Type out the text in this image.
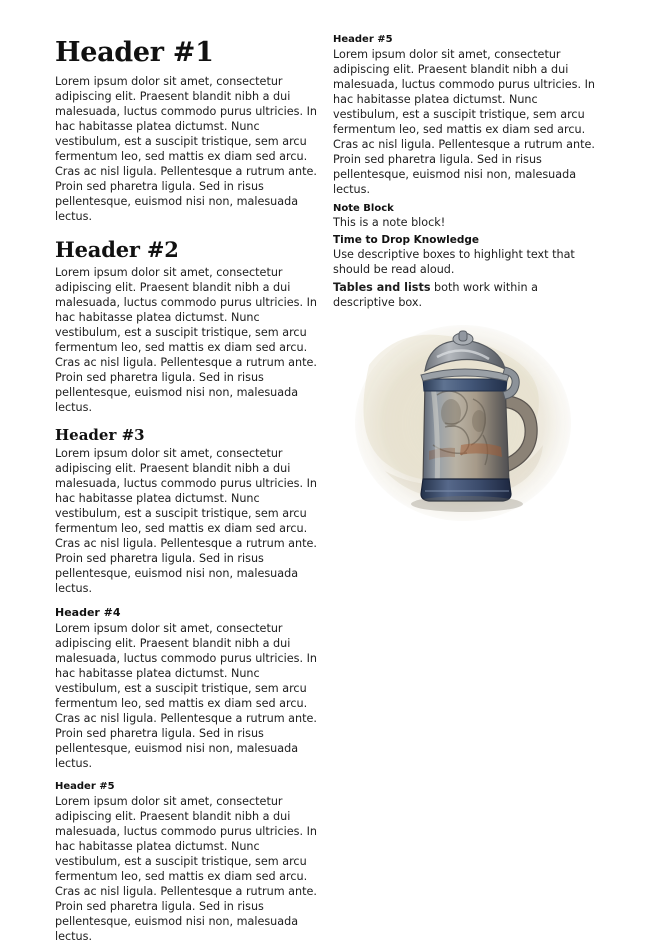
Header #1

Lorem ipsum dolor sit amet, consectetur adipiscing elit. Praesent blandit nibh a dui malesuada, luctus commodo purus ultricies. In hac habitasse platea dictumst. Nunc vestibulum, est a suscipit tristique, sem arcu fermentum leo, sed mattis ex diam sed arcu. Cras ac nisl ligula. Pellentesque a rutrum ante. Proin sed pharetra ligula. Sed in risus pellentesque, euismod nisi non, malesuada lectus.

Header #2

Lorem ipsum dolor sit amet, consectetur adipiscing elit. Praesent blandit nibh a dui malesuada, luctus commodo purus ultricies. In hac habitasse platea dictumst. Nunc vestibulum, est a suscipit tristique, sem arcu fermentum leo, sed mattis ex diam sed arcu. Cras ac nisl ligula. Pellentesque a rutrum ante. Proin sed pharetra ligula. Sed in risus pellentesque, euismod nisi non, malesuada lectus.

Header #3

Lorem ipsum dolor sit amet, consectetur adipiscing elit. Praesent blandit nibh a dui malesuada, luctus commodo purus ultricies. In hac habitasse platea dictumst. Nunc vestibulum, est a suscipit tristique, sem arcu fermentum leo, sed mattis ex diam sed arcu. Cras ac nisl ligula. Pellentesque a rutrum ante. Proin sed pharetra ligula. Sed in risus pellentesque, euismod nisi non, malesuada lectus.

Header #4

Lorem ipsum dolor sit amet, consectetur adipiscing elit. Praesent blandit nibh a dui malesuada, luctus commodo purus ultricies. In hac habitasse platea dictumst. Nunc vestibulum, est a suscipit tristique, sem arcu fermentum leo, sed mattis ex diam sed arcu. Cras ac nisl ligula. Pellentesque a rutrum ante. Proin sed pharetra ligula. Sed in risus pellentesque, euismod nisi non, malesuada lectus.

Header #5

Lorem ipsum dolor sit amet, consectetur adipiscing elit. Praesent blandit nibh a dui malesuada, luctus commodo purus ultricies. In hac habitasse platea dictumst. Nunc vestibulum, est a suscipit tristique, sem arcu fermentum leo, sed mattis ex diam sed arcu. Cras ac nisl ligula. Pellentesque a rutrum ante. Proin sed pharetra ligula. Sed in risus pellentesque, euismod nisi non, malesuada lectus.

Header #5

Lorem ipsum dolor sit amet, consectetur adipiscing elit. Praesent blandit nibh a dui malesuada, luctus commodo purus ultricies. In hac habitasse platea dictumst. Nunc vestibulum, est a suscipit tristique, sem arcu fermentum leo, sed mattis ex diam sed arcu. Cras ac nisl ligula. Pellentesque a rutrum ante. Proin sed pharetra ligula. Sed in risus pellentesque, euismod nisi non, malesuada lectus.

Note Block
This is a note block!
Time to Drop Knowledge
Use descriptive boxes to highlight text that should be read aloud.
Tables and lists both work within a descriptive box.
